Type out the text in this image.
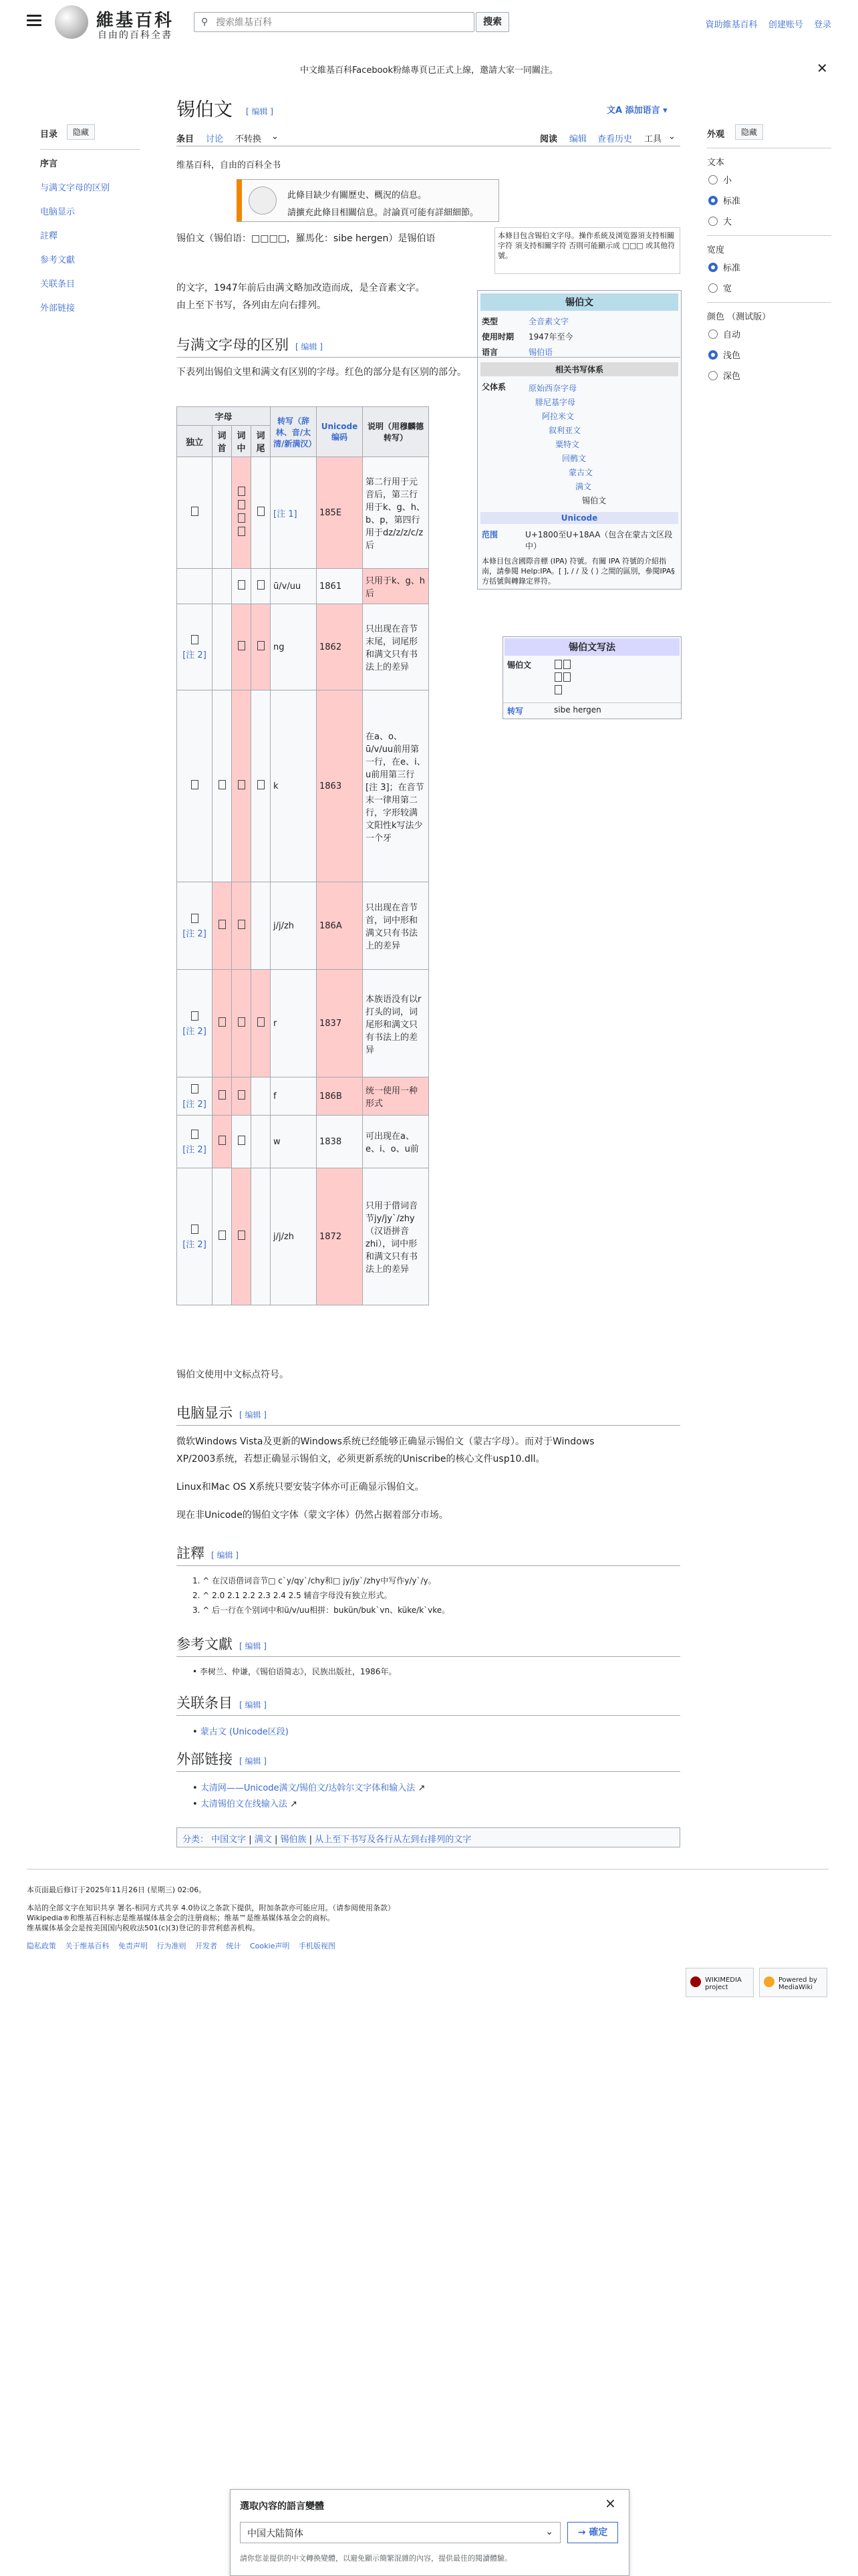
維基百科
自由的百科全書
⚲
搜索維基百科	搜索	資助維基百科 创建账号 登录
中文維基百科Facebook粉絲專頁已正式上線，邀請大家一同關注。	✕
目录	隐藏
序言
与满文字母的区别
电脑显示
註釋
参考文獻
关联条目
外部链接
外观	隐藏
文本
小
标准
大
宽度
标准
宽
颜色 （测试版）
自动
浅色
深色
锡伯文 [ 编辑 ]	文A 添加语言 ▾
条目 讨论 不转换 ⌄	阅读 编辑 查看历史 工具 ⌄
维基百科，自由的百科全书
此條目缺少有關歷史、概況的信息。
請擴充此條目相關信息。討論頁可能有詳細細節。
锡伯文（锡伯语：□□□□，羅馬化：sibe hergen）是锡伯语
的文字，1947年前后由满文略加改造而成，是全音素文字。
由上至下书写，各列由左向右排列。
本條目包含锡伯文字母。操作系統及浏览器須支持相關字符 須支持相關字符 否則可能顯示成 □□□ 或其他符號。
锡伯文
类型	全音素文字
使用时期	1947年至今
语言	锡伯语
相关书写体系
父体系	原始西奈字母
腓尼基字母
阿拉米文
叙利亚文
粟特文
回鹘文
蒙古文
满文
锡伯文
Unicode
范围	U+1800至U+18AA（包含在蒙古文区段中）
本條目包含國際音標 (IPA) 符號。有關 IPA 符號的介紹指南，請參閱 Help:IPA。[ ], / / 及 ⟨ ⟩ 之間的區別，參閱IPA§方括號與轉錄定界符。
锡伯文写法
锡伯文

转写	sibe hergen
与满文字母的区别 [ 编辑 ]
下表列出锡伯文里和满文有区别的字母。红色的部分是有区别的部分。
字母				转写（辞林、音/太清/新满汉）	Unicode编码	说明（用穆麟德转写）
独立	词首	词中	词尾			

		[注 1]	185E	第二行用于元音后，第三行用于k、g、h、b、p，第四行用于dz/z/z/c/z后
				ū/v/uu	1861	只用于k、g、h后

[注 2]				ng	1862	只出现在音节末尾，词尾形和满文只有书法上的差异
				k	1863	在a、o、ū/v/uu前用第一行，在e、i、u前用第三行[注 3]；在音节末一律用第二行，字形较满文阳性k写法少一个牙

[注 2]				j/j/zh	186A	只出现在音节首，词中形和满文只有书法上的差异

[注 2]				r	1837	本族语没有以r打头的词，词尾形和满文只有书法上的差异

[注 2]				f	186B	统一使用一种形式

[注 2]				w	1838	可出现在a、e、i、o、u前

[注 2]				j/j/zh	1872	只用于借词音节jy/jy`/zhy（汉语拼音zhi），词中形和满文只有书法上的差异
锡伯文使用中文标点符号。
电脑显示 [ 编辑 ]
微软Windows Vista及更新的Windows系统已经能够正确显示锡伯文（蒙古字母）。而对于Windows
XP/2003系统，若想正确显示锡伯文，必须更新系统的Uniscribe的核心文件usp10.dll。
Linux和Mac OS X系统只要安装字体亦可正确显示锡伯文。
现在非Unicode的锡伯文字体（蒙文字体）仍然占据着部分市场。
註釋 [ 编辑 ]
1. ^ 在汉语借词音节□ c`y/qy`/chy和□ jy/jy`/zhy中写作y/y`/y。
2. ^ 2.0 2.1 2.2 2.3 2.4 2.5 辅音字母没有独立形式。
3. ^ 后一行在个别词中和ü/v/uu相拼：bukün/buk`vn、küke/k`vke。
参考文獻 [ 编辑 ]
• 李树兰、仲谦，《锡伯语简志》，民族出版社，1986年。
关联条目 [ 编辑 ]
• 蒙古文 (Unicode区段)
外部链接 [ 编辑 ]
• 太清网——Unicode满文/锡伯文/达斡尔文字体和输入法 ↗
• 太清锡伯文在线输入法 ↗
分类： 中国文字 | 满文 | 锡伯族 | 从上至下书写及各行从左到右排列的文字
本页面最后修订于2025年11月26日 (星期三) 02:06。
本站的全部文字在知识共享 署名-相同方式共享 4.0协议之条款下提供，附加条款亦可能应用。（请参阅使用条款）
Wikipedia®和维基百科标志是维基媒体基金会的注册商标；维基™是维基媒体基金会的商标。
维基媒体基金会是按美国国内税收法501(c)(3)登记的非营利慈善机构。
隐私政策 关于维基百科 免责声明 行为准则 开发者 统计 Cookie声明 手机版视图
WIKIMEDIA project
Powered by MediaWiki
選取內容的語言變體	×
中国大陆简体	⌄	→ 確定
請你您並提供的中文轉換變體，以避免顯示簡繁混雜的內容，提供最佳的閱讀體驗。
